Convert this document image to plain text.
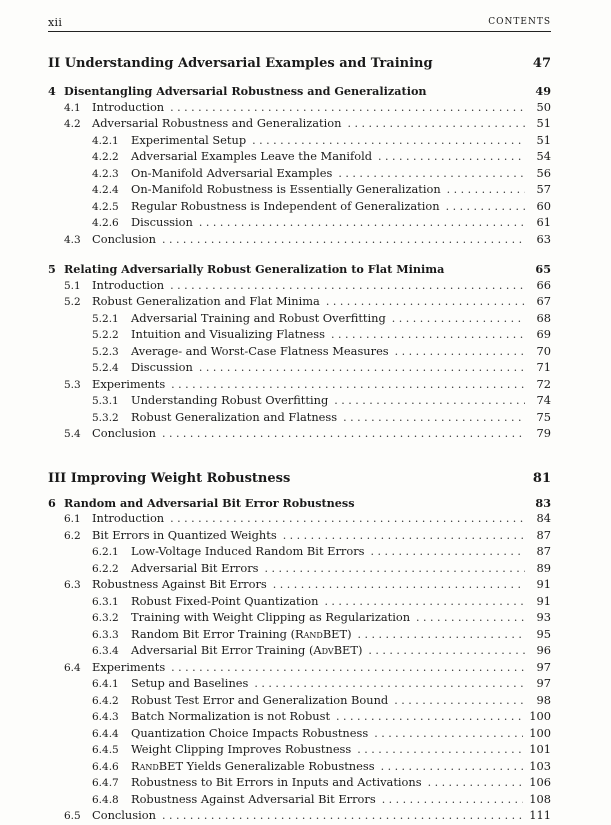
xii	CONTENTS
II Understanding Adversarial Examples and Training	47
4 Disentangling Adversarial Robustness and Generalization	49
4.1 Introduction . . .	50
4.2 Adversarial Robustness and Generalization . . .	51
4.2.1	Experimental Setup . . .	51
4.2.2	Adversarial Examples Leave the Manifold . . .	54
4.2.3	On-Manifold Adversarial Examples . . .	56
4.2.4	On-Manifold Robustness is Essentially Generalization . . .	57
4.2.5	Regular Robustness is Independent of Generalization . . .	60
4.2.6	Discussion . . .	61
4.3 Conclusion . . .	63
5 Relating Adversarially Robust Generalization to Flat Minima	65
5.1 Introduction . . .	66
5.2 Robust Generalization and Flat Minima . . .	67
5.2.1	Adversarial Training and Robust Overfitting . . .	68
5.2.2	Intuition and Visualizing Flatness . . .	69
5.2.3	Average- and Worst-Case Flatness Measures . . .	70
5.2.4	Discussion . . .	71
5.3 Experiments . . .	72
5.3.1	Understanding Robust Overfitting . . .	74
5.3.2	Robust Generalization and Flatness . . .	75
5.4 Conclusion . . .	79
III Improving Weight Robustness	81
6 Random and Adversarial Bit Error Robustness	83
6.1 Introduction . . .	84
6.2 Bit Errors in Quantized Weights . . .	87
6.2.1	Low-Voltage Induced Random Bit Errors . . .	87
6.2.2	Adversarial Bit Errors . . .	89
6.3 Robustness Against Bit Errors . . .	91
6.3.1	Robust Fixed-Point Quantization . . .	91
6.3.2	Training with Weight Clipping as Regularization . . .	93
6.3.3	Random Bit Error Training (RandBET) . . .	95
6.3.4	Adversarial Bit Error Training (AdvBET) . . .	96
6.4 Experiments . . .	97
6.4.1	Setup and Baselines . . .	97
6.4.2	Robust Test Error and Generalization Bound . . .	98
6.4.3	Batch Normalization is not Robust . . .	100
6.4.4	Quantization Choice Impacts Robustness . . .	100
6.4.5	Weight Clipping Improves Robustness . . .	101
6.4.6	RandBET Yields Generalizable Robustness . . .	103
6.4.7	Robustness to Bit Errors in Inputs and Activations . . .	106
6.4.8	Robustness Against Adversarial Bit Errors . . .	108
6.5 Conclusion . . .	111
